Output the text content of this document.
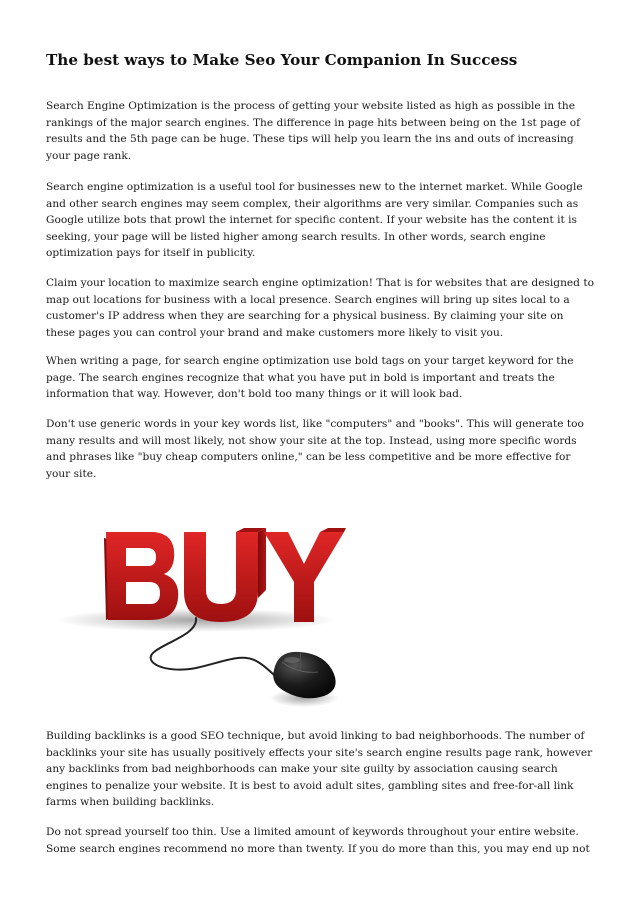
The best ways to Make Seo Your Companion In Success

Search Engine Optimization is the process of getting your website listed as high as possible in the rankings of the major search engines. The difference in page hits between being on the 1st page of results and the 5th page can be huge. These tips will help you learn the ins and outs of increasing your page rank.

Search engine optimization is a useful tool for businesses new to the internet market. While Google and other search engines may seem complex, their algorithms are very similar. Companies such as Google utilize bots that prowl the internet for specific content. If your website has the content it is seeking, your page will be listed higher among search results. In other words, search engine optimization pays for itself in publicity.

Claim your location to maximize search engine optimization! That is for websites that are designed to map out locations for business with a local presence. Search engines will bring up sites local to a customer's IP address when they are searching for a physical business. By claiming your site on these pages you can control your brand and make customers more likely to visit you.

When writing a page, for search engine optimization use bold tags on your target keyword for the page. The search engines recognize that what you have put in bold is important and treats the information that way. However, don't bold too many things or it will look bad.

Don't use generic words in your key words list, like "computers" and "books". This will generate too many results and will most likely, not show your site at the top. Instead, using more specific words and phrases like "buy cheap computers online," can be less competitive and be more effective for your site.

Building backlinks is a good SEO technique, but avoid linking to bad neighborhoods. The number of backlinks your site has usually positively effects your site's search engine results page rank, however any backlinks from bad neighborhoods can make your site guilty by association causing search engines to penalize your website. It is best to avoid adult sites, gambling sites and free-for-all link farms when building backlinks.

Do not spread yourself too thin. Use a limited amount of keywords throughout your entire website. Some search engines recommend no more than twenty. If you do more than this, you may end up not
